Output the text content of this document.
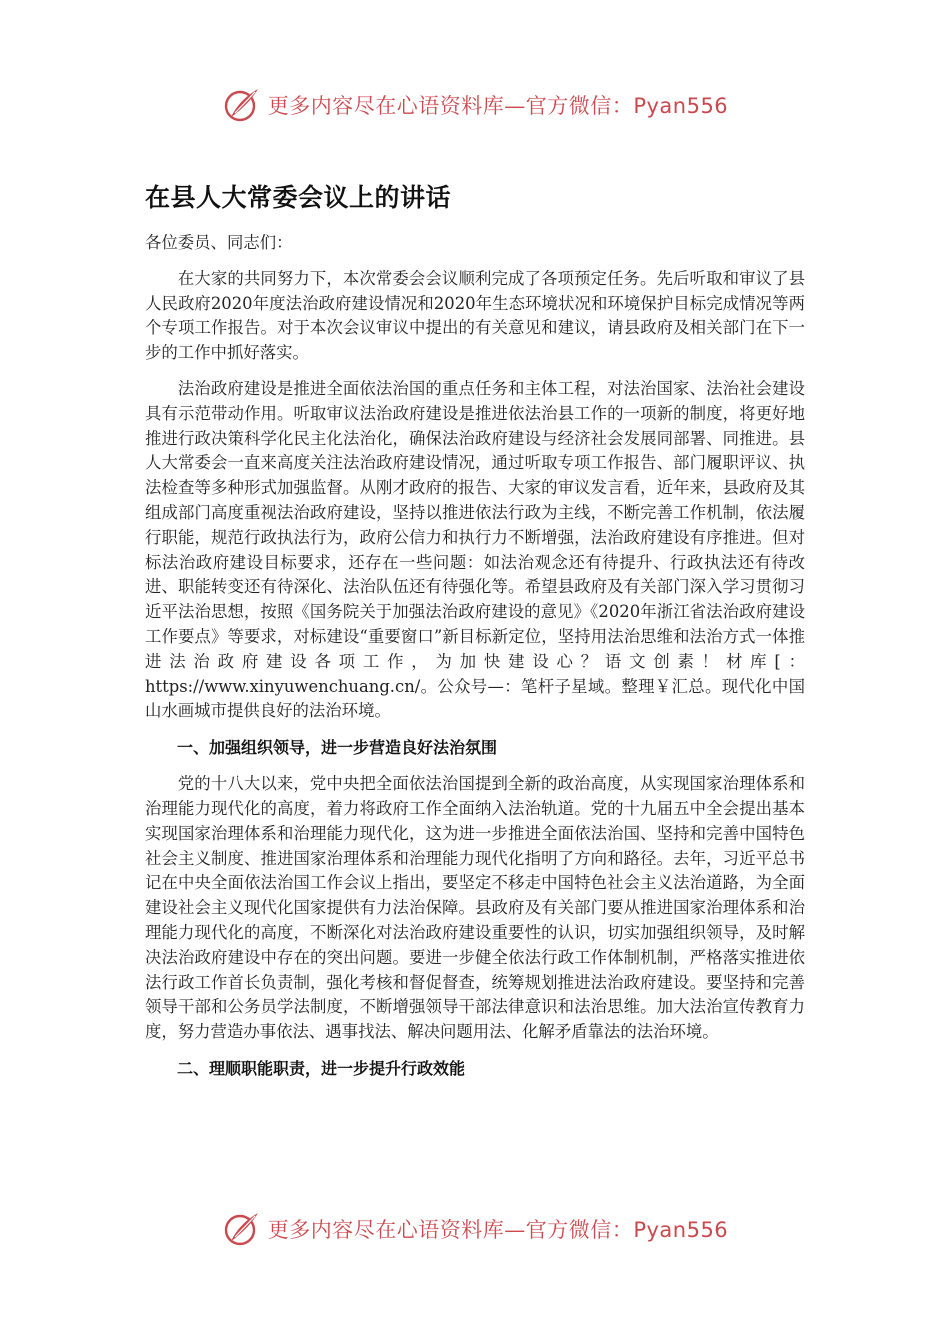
更多内容尽在心语资料库—官方微信：Pyan556
在县人大常委会议上的讲话

各位委员、同志们：

在大家的共同努力下，本次常委会会议顺利完成了各项预定任务。先后听取和审议了县人民政府2020年度法治政府建设情况和2020年生态环境状况和环境保护目标完成情况等两个专项工作报告。对于本次会议审议中提出的有关意见和建议，请县政府及相关部门在下一步的工作中抓好落实。

法治政府建设是推进全面依法治国的重点任务和主体工程，对法治国家、法治社会建设具有示范带动作用。听取审议法治政府建设是推进依法治县工作的一项新的制度，将更好地推进行政决策科学化民主化法治化，确保法治政府建设与经济社会发展同部署、同推进。县人大常委会一直来高度关注法治政府建设情况，通过听取专项工作报告、部门履职评议、执法检查等多种形式加强监督。从刚才政府的报告、大家的审议发言看，近年来，县政府及其组成部门高度重视法治政府建设，坚持以推进依法行政为主线，不断完善工作机制，依法履行职能，规范行政执法行为，政府公信力和执行力不断增强，法治政府建设有序推进。但对标法治政府建设目标要求，还存在一些问题：如法治观念还有待提升、行政执法还有待改进、职能转变还有待深化、法治队伍还有待强化等。希望县政府及有关部门深入学习贯彻习近平法治思想，按照《国务院关于加强法治政府建设的意见》《2020年浙江省法治政府建设工作要点》等要求，对标建设“重要窗口”新目标新定位，坚持用法治思维和法治方式一体推进法治政府建设各项工作，为加快建设心？语文创素！材库[：https://www.xinyuwenchuang.cn/。公众号—：笔杆子星域。整理￥汇总。现代化中国山水画城市提供良好的法治环境。

一、加强组织领导，进一步营造良好法治氛围

党的十八大以来，党中央把全面依法治国提到全新的政治高度，从实现国家治理体系和治理能力现代化的高度，着力将政府工作全面纳入法治轨道。党的十九届五中全会提出基本实现国家治理体系和治理能力现代化，这为进一步推进全面依法治国、坚持和完善中国特色社会主义制度、推进国家治理体系和治理能力现代化指明了方向和路径。去年，习近平总书记在中央全面依法治国工作会议上指出，要坚定不移走中国特色社会主义法治道路，为全面建设社会主义现代化国家提供有力法治保障。县政府及有关部门要从推进国家治理体系和治理能力现代化的高度，不断深化对法治政府建设重要性的认识，切实加强组织领导，及时解决法治政府建设中存在的突出问题。要进一步健全依法行政工作体制机制，严格落实推进依法行政工作首长负责制，强化考核和督促督查，统筹规划推进法治政府建设。要坚持和完善领导干部和公务员学法制度，不断增强领导干部法律意识和法治思维。加大法治宣传教育力度，努力营造办事依法、遇事找法、解决问题用法、化解矛盾靠法的法治环境。

二、理顺职能职责，进一步提升行政效能

更多内容尽在心语资料库—官方微信：Pyan556
